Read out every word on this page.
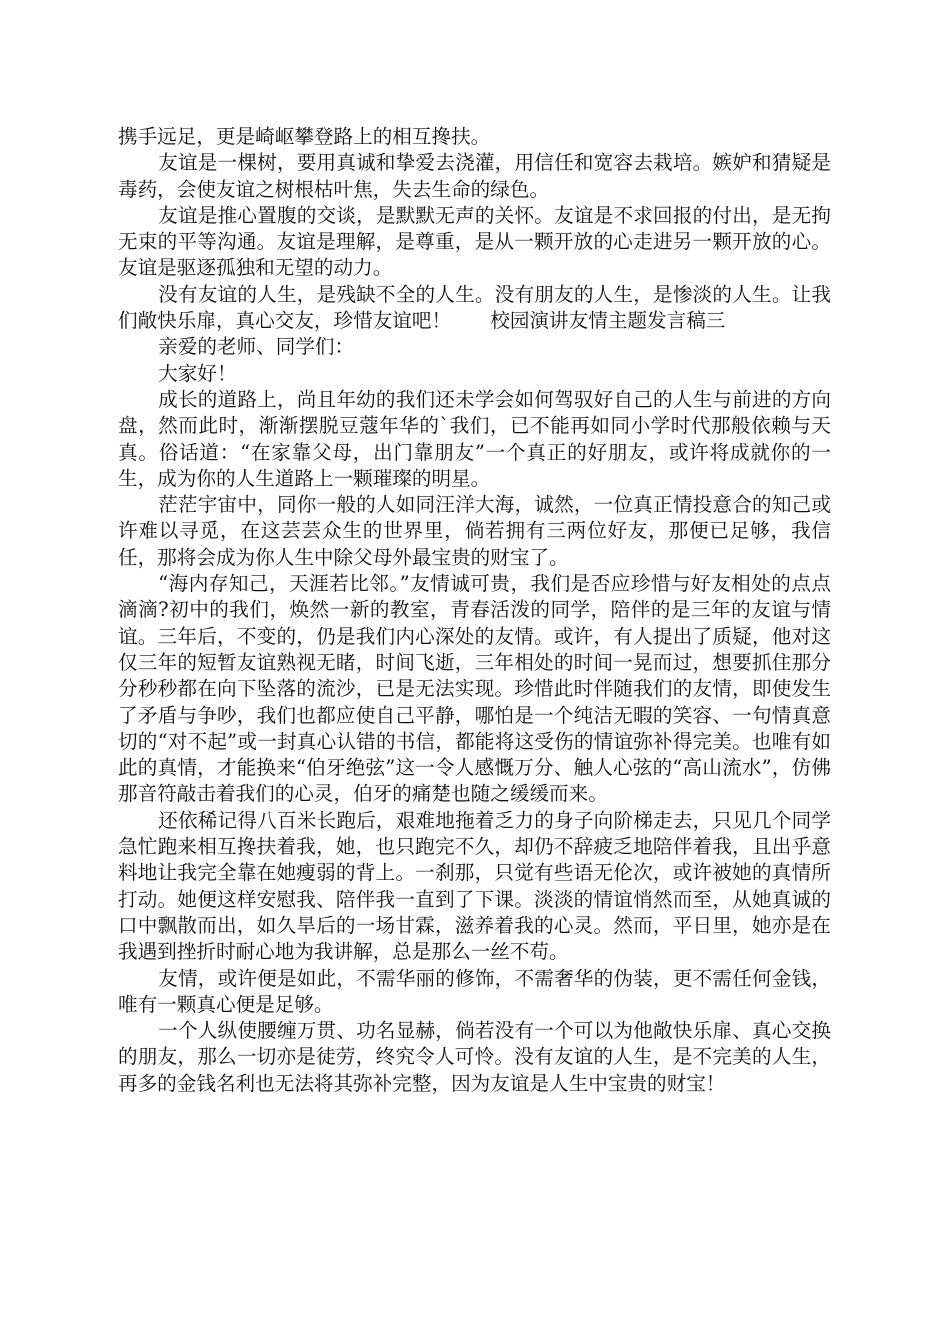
携手远足，更是崎岖攀登路上的相互搀扶。

友谊是一棵树，要用真诚和挚爱去浇灌，用信任和宽容去栽培。嫉妒和猜疑是毒药，会使友谊之树根枯叶焦，失去生命的绿色。

友谊是推心置腹的交谈，是默默无声的关怀。友谊是不求回报的付出，是无拘无束的平等沟通。友谊是理解，是尊重，是从一颗开放的心走进另一颗开放的心。友谊是驱逐孤独和无望的动力。

没有友谊的人生，是残缺不全的人生。没有朋友的人生，是惨淡的人生。让我们敞快乐扉，真心交友，珍惜友谊吧！　　校园演讲友情主题发言稿三

亲爱的老师、同学们：

大家好！

成长的道路上，尚且年幼的我们还未学会如何驾驭好自己的人生与前进的方向盘，然而此时，渐渐摆脱豆蔻年华的`我们，已不能再如同小学时代那般依赖与天真。俗话道：“在家靠父母，出门靠朋友”一个真正的好朋友，或许将成就你的一生，成为你的人生道路上一颗璀璨的明星。

茫茫宇宙中，同你一般的人如同汪洋大海，诚然，一位真正情投意合的知己或许难以寻觅，在这芸芸众生的世界里，倘若拥有三两位好友，那便已足够，我信任，那将会成为你人生中除父母外最宝贵的财宝了。

“海内存知己，天涯若比邻。”友情诚可贵，我们是否应珍惜与好友相处的点点滴滴?初中的我们，焕然一新的教室，青春活泼的同学，陪伴的是三年的友谊与情谊。三年后，不变的，仍是我们内心深处的友情。或许，有人提出了质疑，他对这仅三年的短暂友谊熟视无睹，时间飞逝，三年相处的时间一晃而过，想要抓住那分分秒秒都在向下坠落的流沙，已是无法实现。珍惜此时伴随我们的友情，即使发生了矛盾与争吵，我们也都应使自己平静，哪怕是一个纯洁无暇的笑容、一句情真意切的“对不起”或一封真心认错的书信，都能将这受伤的情谊弥补得完美。也唯有如此的真情，才能换来“伯牙绝弦”这一令人感慨万分、触人心弦的“高山流水”，仿佛那音符敲击着我们的心灵，伯牙的痛楚也随之缓缓而来。

还依稀记得八百米长跑后，艰难地拖着乏力的身子向阶梯走去，只见几个同学急忙跑来相互搀扶着我，她，也只跑完不久，却仍不辞疲乏地陪伴着我，且出乎意料地让我完全靠在她瘦弱的背上。一刹那，只觉有些语无伦次，或许被她的真情所打动。她便这样安慰我、陪伴我一直到了下课。淡淡的情谊悄然而至，从她真诚的口中飘散而出，如久旱后的一场甘霖，滋养着我的心灵。然而，平日里，她亦是在我遇到挫折时耐心地为我讲解，总是那么一丝不苟。

友情，或许便是如此，不需华丽的修饰，不需奢华的伪装，更不需任何金钱，唯有一颗真心便是足够。

一个人纵使腰缠万贯、功名显赫，倘若没有一个可以为他敞快乐扉、真心交换的朋友，那么一切亦是徒劳，终究令人可怜。没有友谊的人生，是不完美的人生，再多的金钱名利也无法将其弥补完整，因为友谊是人生中宝贵的财宝！
